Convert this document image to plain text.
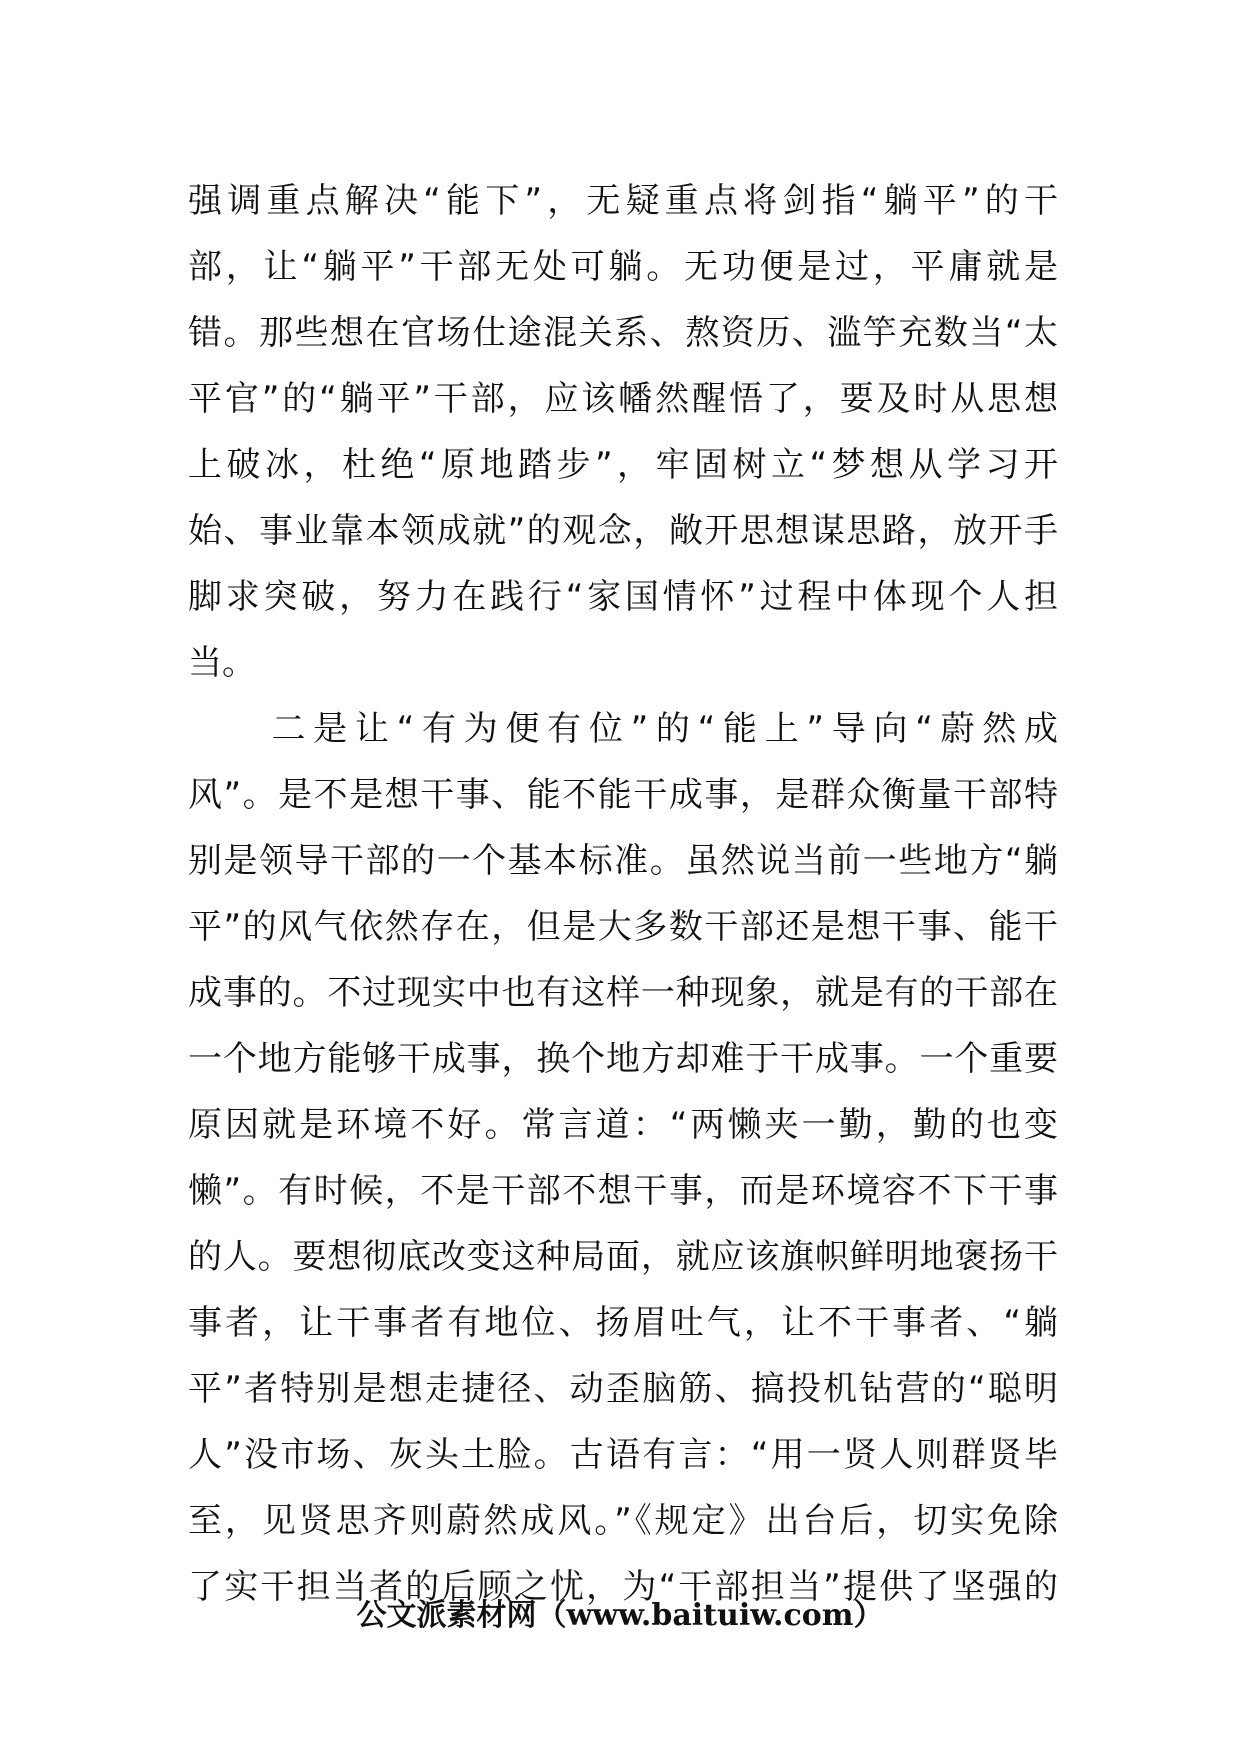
强调重点解决“能下”，无疑重点将剑指“躺平”的干
部，让“躺平”干部无处可躺。无功便是过，平庸就是
错。那些想在官场仕途混关系、熬资历、滥竽充数当“太
平官”的“躺平”干部，应该幡然醒悟了，要及时从思想
上破冰，杜绝“原地踏步”，牢固树立“梦想从学习开
始、事业靠本领成就”的观念，敞开思想谋思路，放开手
脚求突破，努力在践行“家国情怀”过程中体现个人担
当。
　　二是让“有为便有位”的“能上”导向“蔚然成
风”。是不是想干事、能不能干成事，是群众衡量干部特
别是领导干部的一个基本标准。虽然说当前一些地方“躺
平”的风气依然存在，但是大多数干部还是想干事、能干
成事的。不过现实中也有这样一种现象，就是有的干部在
一个地方能够干成事，换个地方却难于干成事。一个重要
原因就是环境不好。常言道：“两懒夹一勤，勤的也变
懒”。有时候，不是干部不想干事，而是环境容不下干事
的人。要想彻底改变这种局面，就应该旗帜鲜明地褒扬干
事者，让干事者有地位、扬眉吐气，让不干事者、“躺
平”者特别是想走捷径、动歪脑筋、搞投机钻营的“聪明
人”没市场、灰头土脸。古语有言：“用一贤人则群贤毕
至，见贤思齐则蔚然成风。”《规定》出台后，切实免除
了实干担当者的后顾之忧，为“干部担当”提供了坚强的
公文派素材网（www.baituiw.com）
